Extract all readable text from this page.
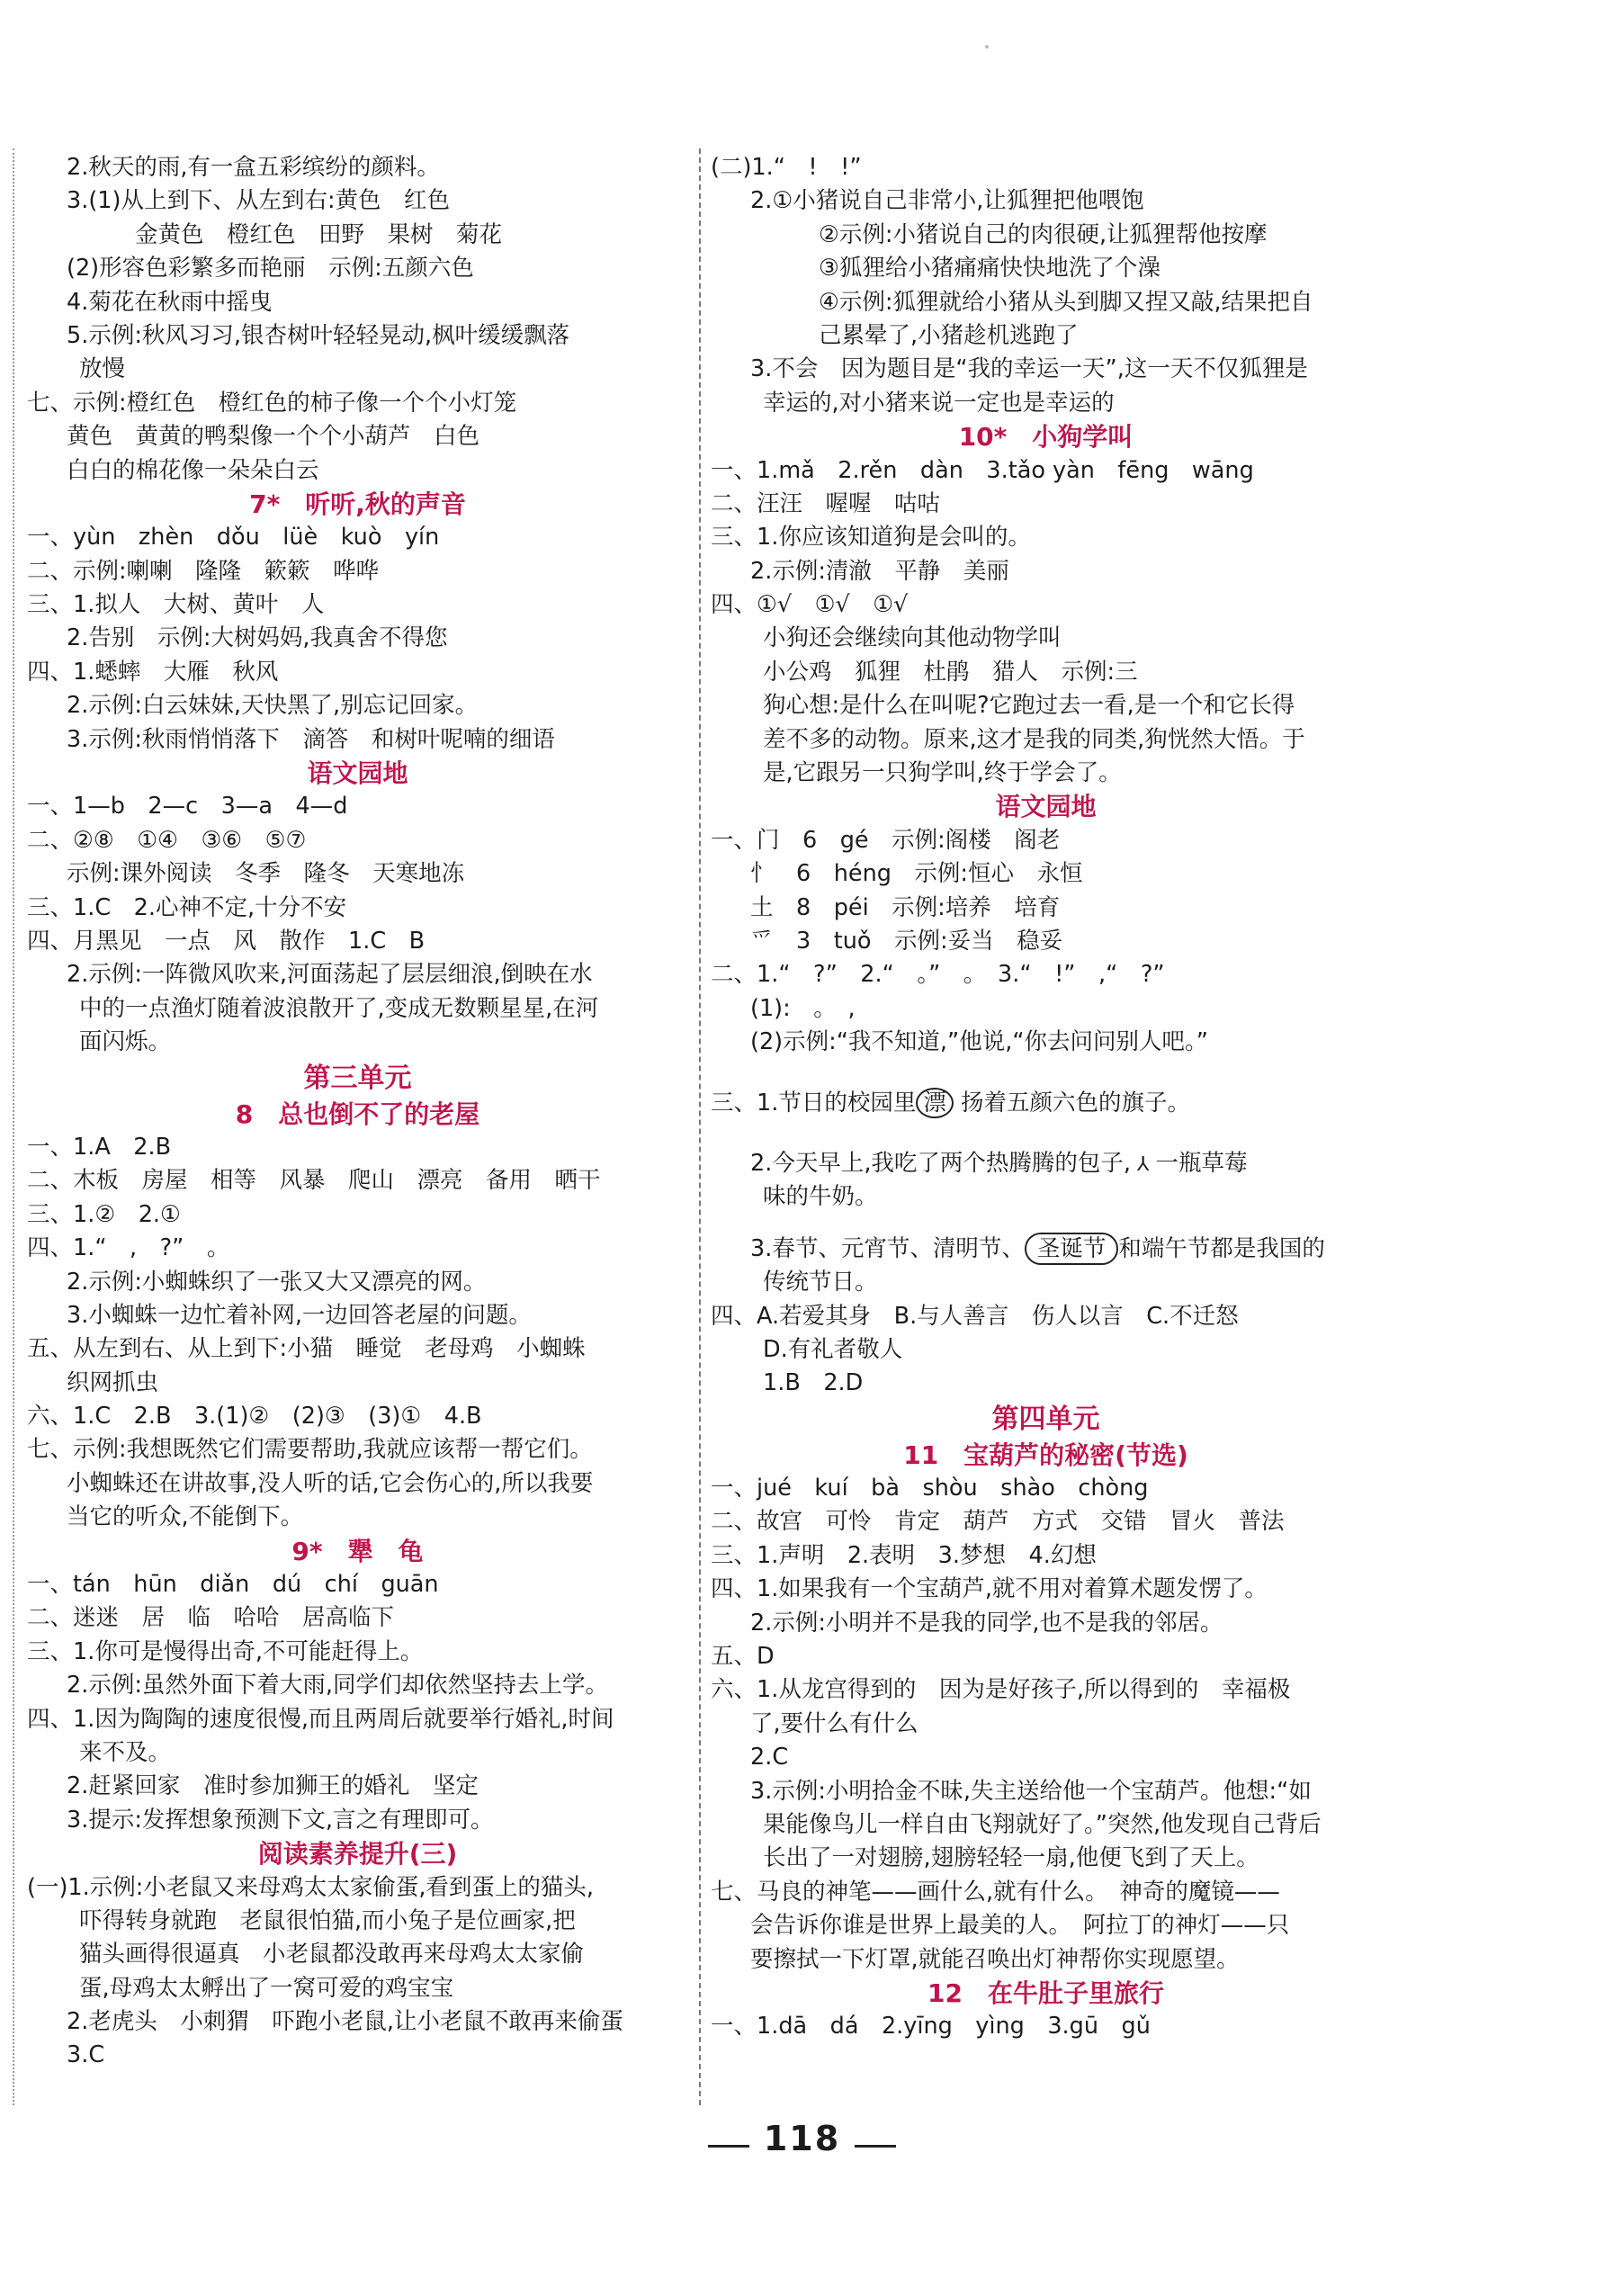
2.秋天的雨,有一盒五彩缤纷的颜料。
3.(1)从上到下、从左到右:黄色　红色
金黄色　橙红色　田野　果树　菊花
(2)形容色彩繁多而艳丽　示例:五颜六色
4.菊花在秋雨中摇曳
5.示例:秋风习习,银杏树叶轻轻晃动,枫叶缓缓飘落
放慢
七、示例:橙红色　橙红色的柿子像一个个小灯笼
黄色　黄黄的鸭梨像一个个小葫芦　白色
白白的棉花像一朵朵白云
7*　听听,秋的声音
一、yùn　zhèn　dǒu　lüè　kuò　yín
二、示例:喇喇　隆隆　簌簌　哗哗
三、1.拟人　大树、黄叶　人
2.告别　示例:大树妈妈,我真舍不得您
四、1.蟋蟀　大雁　秋风
2.示例:白云妹妹,天快黑了,别忘记回家。
3.示例:秋雨悄悄落下　滴答　和树叶呢喃的细语
语文园地
一、1—b　2—c　3—a　4—d
二、②⑧　①④　③⑥　⑤⑦
示例:课外阅读　冬季　隆冬　天寒地冻
三、1.C　2.心神不定,十分不安
四、月黑见　一点　风　散作　1.C　B
2.示例:一阵微风吹来,河面荡起了层层细浪,倒映在水
中的一点渔灯随着波浪散开了,变成无数颗星星,在河
面闪烁。
第三单元
8　总也倒不了的老屋
一、1.A　2.B
二、木板　房屋　相等　风暴　爬山　漂亮　备用　晒干
三、1.②　2.①
四、1.“　,　?”　。
2.示例:小蜘蛛织了一张又大又漂亮的网。
3.小蜘蛛一边忙着补网,一边回答老屋的问题。
五、从左到右、从上到下:小猫　睡觉　老母鸡　小蜘蛛
织网抓虫
六、1.C　2.B　3.(1)②　(2)③　(3)①　4.B
七、示例:我想既然它们需要帮助,我就应该帮一帮它们。
小蜘蛛还在讲故事,没人听的话,它会伤心的,所以我要
当它的听众,不能倒下。
9*　犟　龟
一、tán　hūn　diǎn　dú　chí　guān
二、迷迷　居　临　哈哈　居高临下
三、1.你可是慢得出奇,不可能赶得上。
2.示例:虽然外面下着大雨,同学们却依然坚持去上学。
四、1.因为陶陶的速度很慢,而且两周后就要举行婚礼,时间
来不及。
2.赶紧回家　准时参加狮王的婚礼　坚定
3.提示:发挥想象预测下文,言之有理即可。
阅读素养提升(三)
(一)1.示例:小老鼠又来母鸡太太家偷蛋,看到蛋上的猫头,
吓得转身就跑　老鼠很怕猫,而小兔子是位画家,把
猫头画得很逼真　小老鼠都没敢再来母鸡太太家偷
蛋,母鸡太太孵出了一窝可爱的鸡宝宝
2.老虎头　小刺猬　吓跑小老鼠,让小老鼠不敢再来偷蛋
3.C
(二)1.“　!　!”
2.①小猪说自己非常小,让狐狸把他喂饱
②示例:小猪说自己的肉很硬,让狐狸帮他按摩
③狐狸给小猪痛痛快快地洗了个澡
④示例:狐狸就给小猪从头到脚又捏又敲,结果把自
己累晕了,小猪趁机逃跑了
3.不会　因为题目是“我的幸运一天”,这一天不仅狐狸是
幸运的,对小猪来说一定也是幸运的
10*　小狗学叫
一、1.mǎ　2.rěn　dàn　3.tǎo yàn　fēng　wāng
二、汪汪　喔喔　咕咕
三、1.你应该知道狗是会叫的。
2.示例:清澈　平静　美丽
四、①√　①√　①√
小狗还会继续向其他动物学叫
小公鸡　狐狸　杜鹃　猎人　示例:三
狗心想:是什么在叫呢?它跑过去一看,是一个和它长得
差不多的动物。原来,这才是我的同类,狗恍然大悟。于
是,它跟另一只狗学叫,终于学会了。
语文园地
一、门　6　gé　示例:阁楼　阁老
忄　6　héng　示例:恒心　永恒
土　8　péi　示例:培养　培育
爫　3　tuǒ　示例:妥当　稳妥
二、1.“　?”　2.“　。”　。　3.“　!”　,“　?”
(1):　。　,
(2)示例:“我不知道,”他说,“你去问问别人吧。”

三、1.节日的校园里 漂 扬着五颜六色的旗子。

2.今天早上,我吃了两个热腾腾的包子, ⅄ 一瓶草莓
味的牛奶。
3.春节、元宵节、清明节、 圣诞节 和端午节都是我国的
传统节日。
四、A.若爱其身　B.与人善言　伤人以言　C.不迁怒
D.有礼者敬人
1.B　2.D
第四单元
11　宝葫芦的秘密(节选)
一、jué　kuí　bà　shòu　shào　chòng
二、故宫　可怜　肯定　葫芦　方式　交错　冒火　普法
三、1.声明　2.表明　3.梦想　4.幻想
四、1.如果我有一个宝葫芦,就不用对着算术题发愣了。
2.示例:小明并不是我的同学,也不是我的邻居。
五、D
六、1.从龙宫得到的　因为是好孩子,所以得到的　幸福极
了,要什么有什么
2.C
3.示例:小明拾金不昧,失主送给他一个宝葫芦。他想:“如
果能像鸟儿一样自由飞翔就好了。”突然,他发现自己背后
长出了一对翅膀,翅膀轻轻一扇,他便飞到了天上。
七、马良的神笔——画什么,就有什么。　神奇的魔镜——
会告诉你谁是世界上最美的人。　阿拉丁的神灯——只
要擦拭一下灯罩,就能召唤出灯神帮你实现愿望。
12　在牛肚子里旅行
一、1.dā　dá　2.yīng　yìng　3.gū　gǔ
118
